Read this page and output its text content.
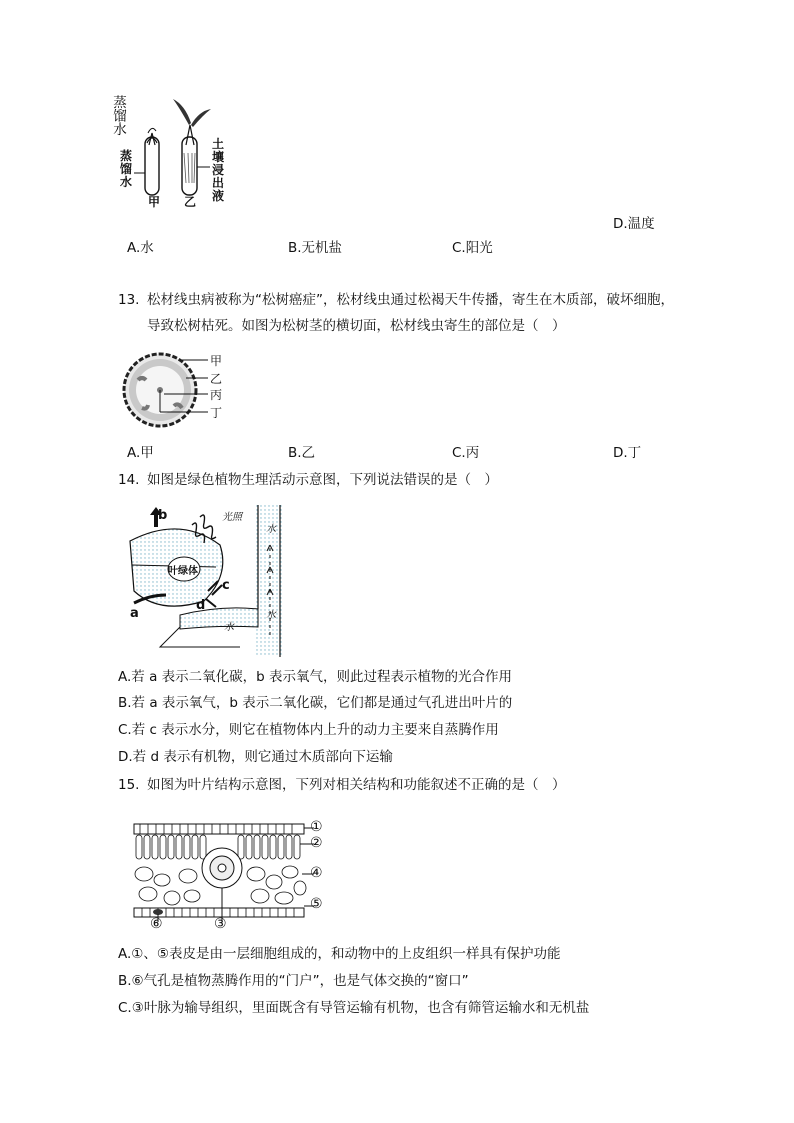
蒸馏水
蒸馏水
土壤浸出液
甲 乙
D.温度
A.水	B.无机盐	C.阳光
13. 松材线虫病被称为“松树癌症”，松材线虫通过松褐天牛传播，寄生在木质部，破坏细胞，
导致松树枯死。如图为松树茎的横切面，松材线虫寄生的部位是（　）
甲
乙
丙
丁
A.甲	B.乙	C.丙	D.丁
14. 如图是绿色植物生理活动示意图，下列说法错误的是（　）
b	光照
水
叶绿体
c
d
水
a
水
A.若 a 表示二氧化碳，b 表示氧气，则此过程表示植物的光合作用
B.若 a 表示氧气，b 表示二氧化碳，它们都是通过气孔进出叶片的
C.若 c 表示水分，则它在植物体内上升的动力主要来自蒸腾作用
D.若 d 表示有机物，则它通过木质部向下运输
15. 如图为叶片结构示意图，下列对相关结构和功能叙述不正确的是（　）
①
②
④
⑤
⑥	③
A.①、⑤表皮是由一层细胞组成的，和动物中的上皮组织一样具有保护功能
B.⑥气孔是植物蒸腾作用的“门户”，也是气体交换的“窗口”
C.③叶脉为输导组织，里面既含有导管运输有机物，也含有筛管运输水和无机盐
